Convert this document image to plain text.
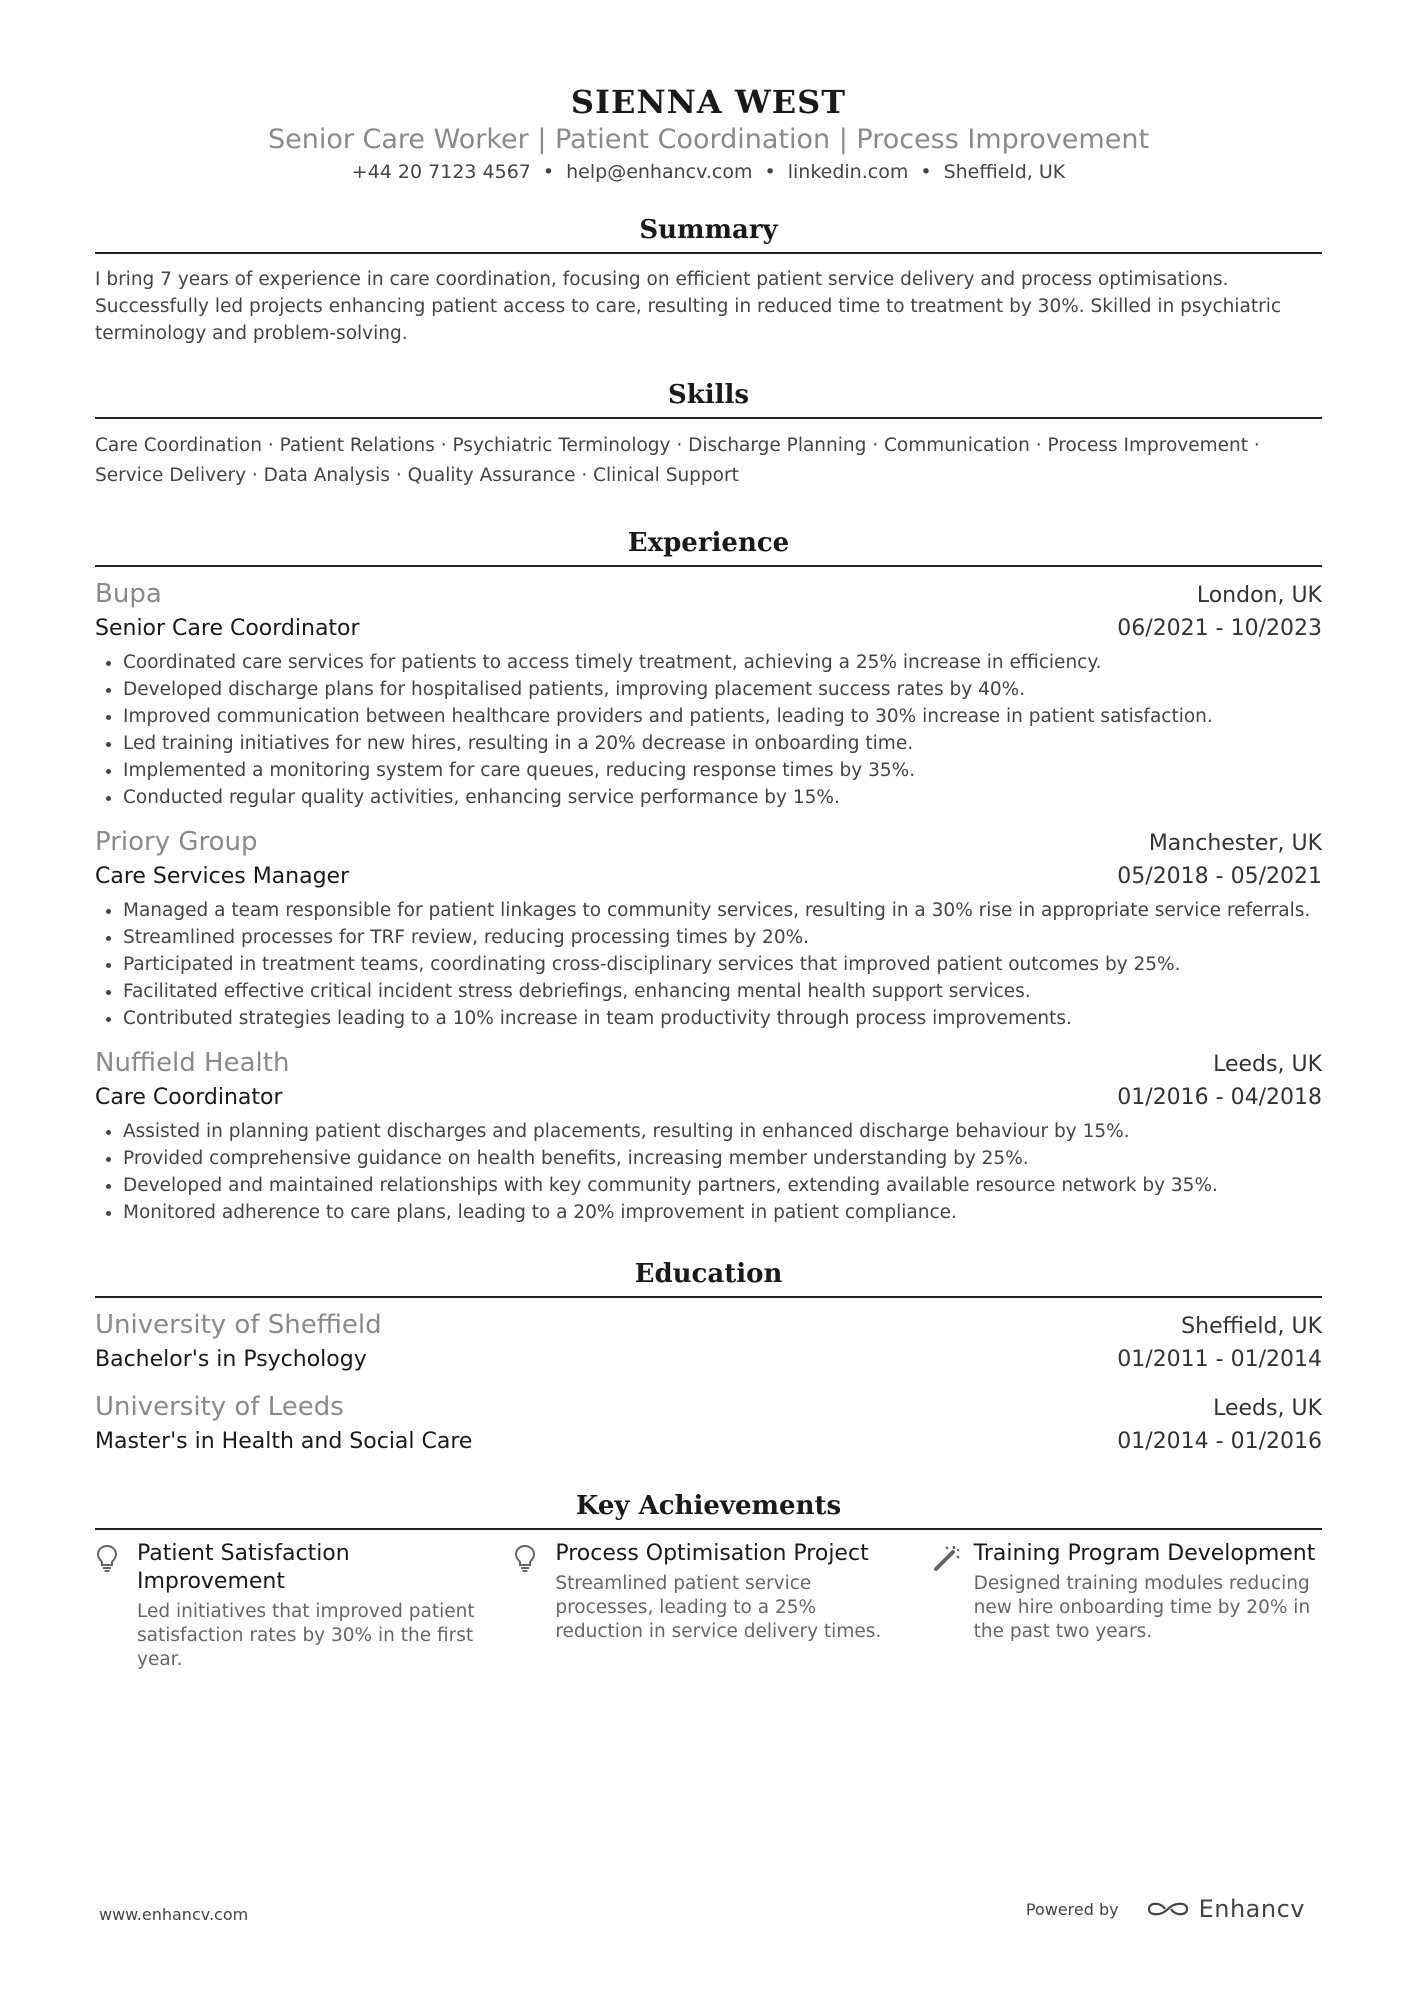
SIENNA WEST
Senior Care Worker | Patient Coordination | Process Improvement
+44 20 7123 4567 • help@enhancv.com • linkedin.com • Sheffield, UK
Summary
I bring 7 years of experience in care coordination, focusing on efficient patient service delivery and process optimisations. Successfully led projects enhancing patient access to care, resulting in reduced time to treatment by 30%. Skilled in psychiatric terminology and problem-solving.
Skills
Care Coordination · Patient Relations · Psychiatric Terminology · Discharge Planning · Communication · Process Improvement ·
Service Delivery · Data Analysis · Quality Assurance · Clinical Support
Experience
Bupa	London, UK
Senior Care Coordinator	06/2021 - 10/2023
• Coordinated care services for patients to access timely treatment, achieving a 25% increase in efficiency.
• Developed discharge plans for hospitalised patients, improving placement success rates by 40%.
• Improved communication between healthcare providers and patients, leading to 30% increase in patient satisfaction.
• Led training initiatives for new hires, resulting in a 20% decrease in onboarding time.
• Implemented a monitoring system for care queues, reducing response times by 35%.
• Conducted regular quality activities, enhancing service performance by 15%.
Priory Group	Manchester, UK
Care Services Manager	05/2018 - 05/2021
• Managed a team responsible for patient linkages to community services, resulting in a 30% rise in appropriate service referrals.
• Streamlined processes for TRF review, reducing processing times by 20%.
• Participated in treatment teams, coordinating cross-disciplinary services that improved patient outcomes by 25%.
• Facilitated effective critical incident stress debriefings, enhancing mental health support services.
• Contributed strategies leading to a 10% increase in team productivity through process improvements.
Nuffield Health	Leeds, UK
Care Coordinator	01/2016 - 04/2018
• Assisted in planning patient discharges and placements, resulting in enhanced discharge behaviour by 15%.
• Provided comprehensive guidance on health benefits, increasing member understanding by 25%.
• Developed and maintained relationships with key community partners, extending available resource network by 35%.
• Monitored adherence to care plans, leading to a 20% improvement in patient compliance.
Education
University of Sheffield	Sheffield, UK
Bachelor's in Psychology	01/2011 - 01/2014
University of Leeds	Leeds, UK
Master's in Health and Social Care	01/2014 - 01/2016
Key Achievements
Patient Satisfaction Improvement
Led initiatives that improved patient satisfaction rates by 30% in the first year.
Process Optimisation Project
Streamlined patient service processes, leading to a 25% reduction in service delivery times.
Training Program Development
Designed training modules reducing new hire onboarding time by 20% in the past two years.
www.enhancv.com	Powered by	Enhancv
